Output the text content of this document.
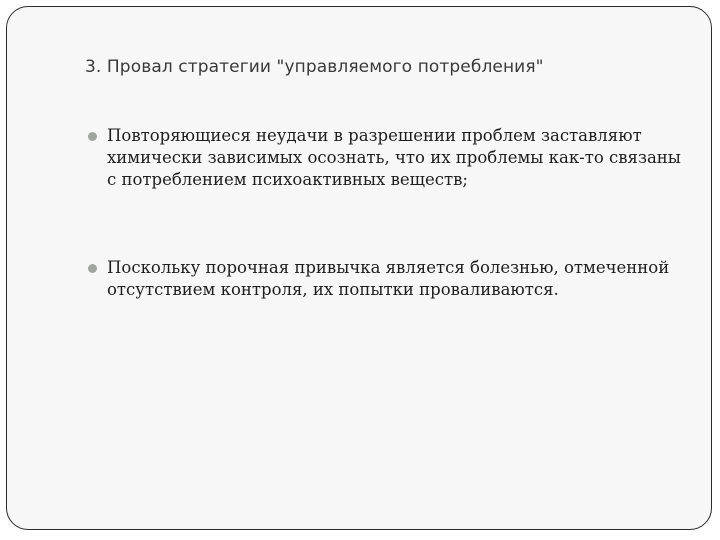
3. Провал стратегии "управляемого потребления"
Повторяющиеся неудачи в разрешении проблем заставляют химически зависимых осознать, что их проблемы как-то связаны с потреблением психоактивных веществ;
Поскольку порочная привычка является болезнью, отмеченной отсутствием контроля, их попытки проваливаются.
